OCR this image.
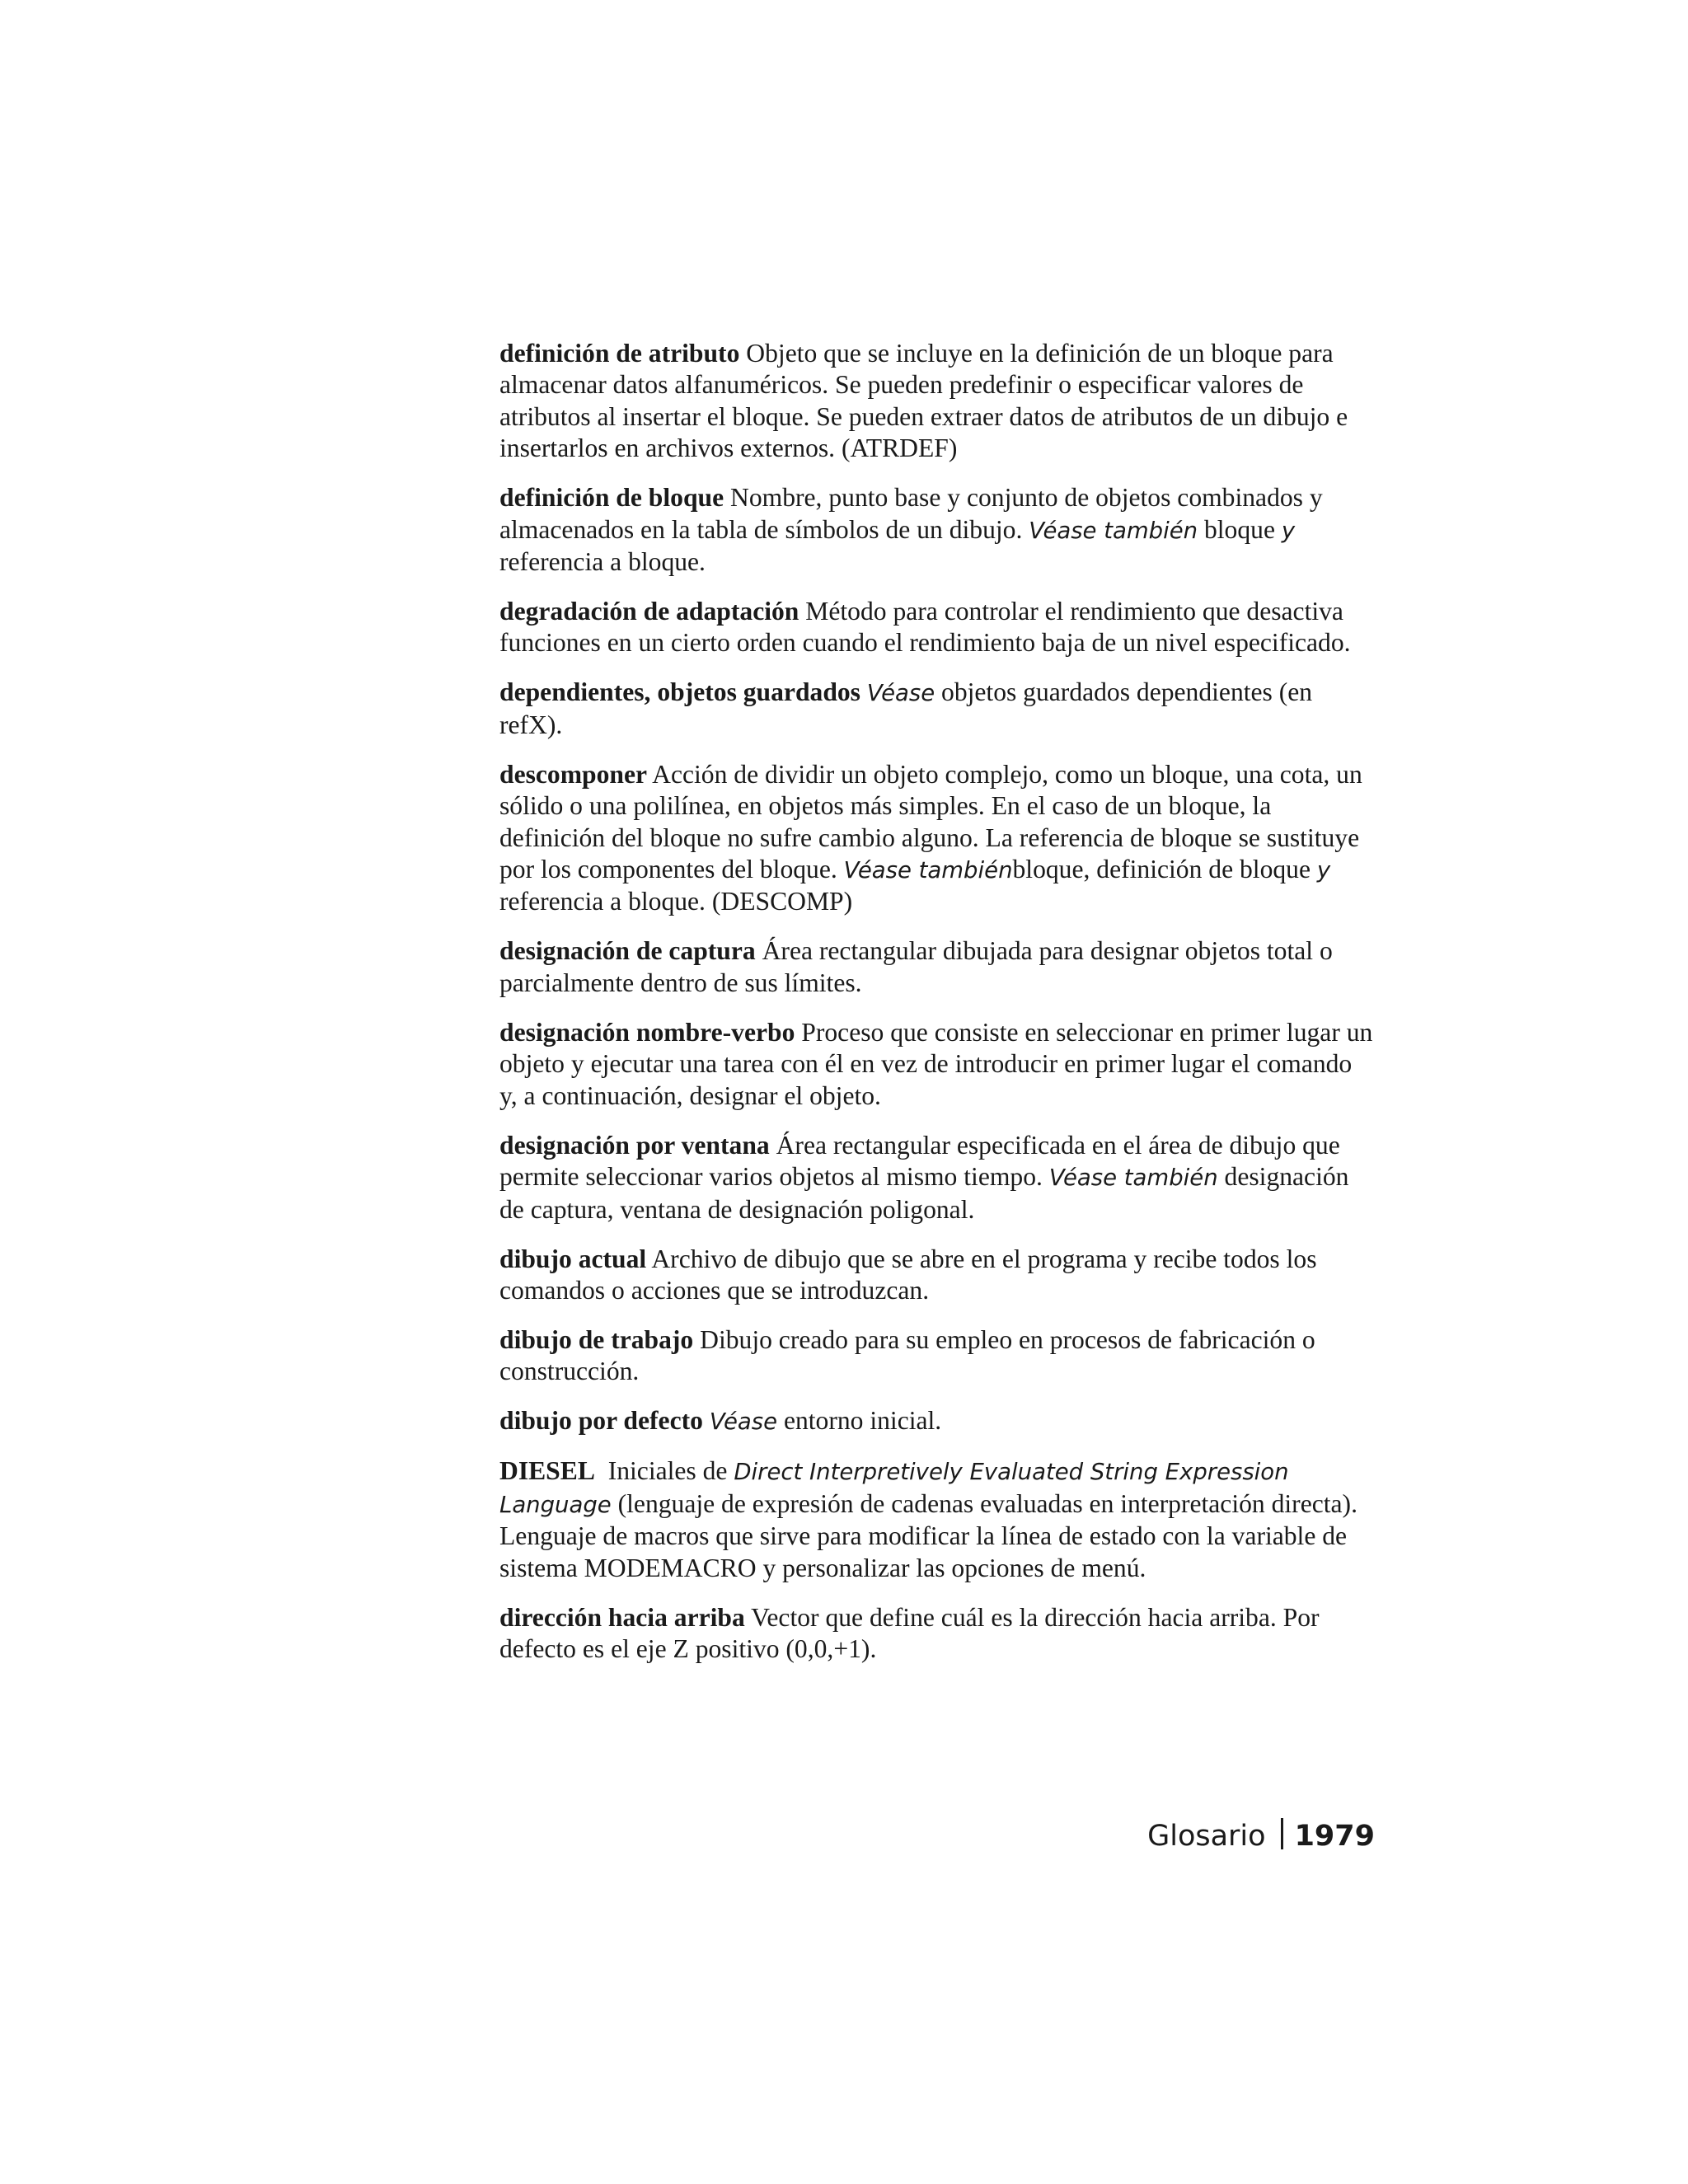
definición de atributo Objeto que se incluye en la definición de un bloque para almacenar datos alfanuméricos. Se pueden predefinir o especificar valores de atributos al insertar el bloque. Se pueden extraer datos de atributos de un dibujo e insertarlos en archivos externos. (ATRDEF)

definición de bloque Nombre, punto base y conjunto de objetos combinados y almacenados en la tabla de símbolos de un dibujo. Véase también bloque y referencia a bloque.

degradación de adaptación Método para controlar el rendimiento que desactiva funciones en un cierto orden cuando el rendimiento baja de un nivel especificado.

dependientes, objetos guardados Véase objetos guardados dependientes (en refX).

descomponer Acción de dividir un objeto complejo, como un bloque, una cota, un sólido o una polilínea, en objetos más simples. En el caso de un bloque, la definición del bloque no sufre cambio alguno. La referencia de bloque se sustituye por los componentes del bloque. Véase tambiénbloque, definición de bloque y referencia a bloque. (DESCOMP)

designación de captura Área rectangular dibujada para designar objetos total o parcialmente dentro de sus límites.

designación nombre-verbo Proceso que consiste en seleccionar en primer lugar un objeto y ejecutar una tarea con él en vez de introducir en primer lugar el comando y, a continuación, designar el objeto.

designación por ventana Área rectangular especificada en el área de dibujo que permite seleccionar varios objetos al mismo tiempo. Véase también designación de captura, ventana de designación poligonal.

dibujo actual Archivo de dibujo que se abre en el programa y recibe todos los comandos o acciones que se introduzcan.

dibujo de trabajo Dibujo creado para su empleo en procesos de fabricación o construcción.

dibujo por defecto Véase entorno inicial.

DIESEL Iniciales de Direct Interpretively Evaluated String Expression Language (lenguaje de expresión de cadenas evaluadas en interpretación directa). Lenguaje de macros que sirve para modificar la línea de estado con la variable de sistema MODEMACRO y personalizar las opciones de menú.

dirección hacia arriba Vector que define cuál es la dirección hacia arriba. Por defecto es el eje Z positivo (0,0,+1).

Glosario 1979
